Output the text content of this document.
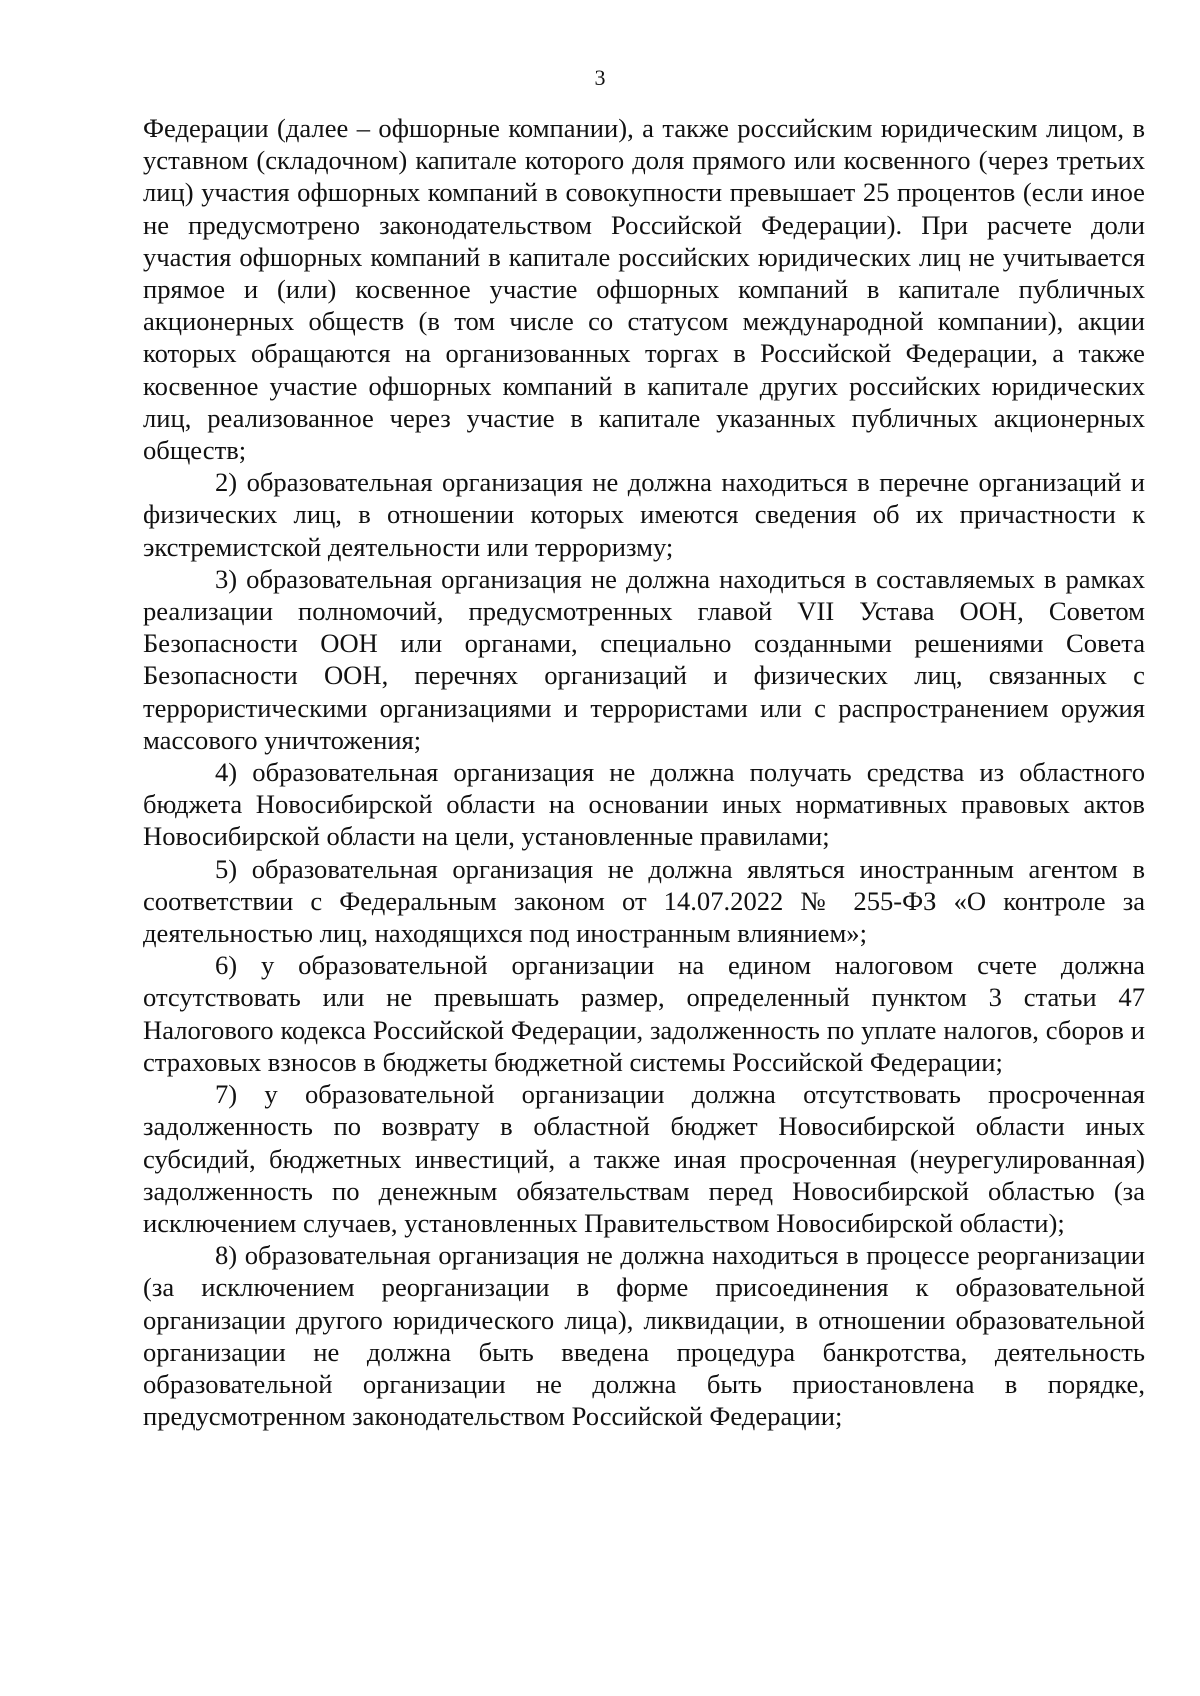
3

Федерации (далее – офшорные компании), а также российским юридическим лицом, в уставном (складочном) капитале которого доля прямого или косвенного (через третьих лиц) участия офшорных компаний в совокупности превышает 25 процентов (если иное не предусмотрено законодательством Российской Федерации). При расчете доли участия офшорных компаний в капитале российских юридических лиц не учитывается прямое и (или) косвенное участие офшорных компаний в капитале публичных акционерных обществ (в том числе со статусом международной компании), акции которых обращаются на организованных торгах в Российской Федерации, а также косвенное участие офшорных компаний в капитале других российских юридических лиц, реализованное через участие в капитале указанных публичных акционерных обществ;

2) образовательная организация не должна находиться в перечне организаций и физических лиц, в отношении которых имеются сведения об их причастности к экстремистской деятельности или терроризму;

3) образовательная организация не должна находиться в составляемых в рамках реализации полномочий, предусмотренных главой VII Устава ООН, Советом Безопасности ООН или органами, специально созданными решениями Совета Безопасности ООН, перечнях организаций и физических лиц, связанных с террористическими организациями и террористами или с распространением оружия массового уничтожения;

4) образовательная организация не должна получать средства из областного бюджета Новосибирской области на основании иных нормативных правовых актов Новосибирской области на цели, установленные правилами;

5) образовательная организация не должна являться иностранным агентом в соответствии с Федеральным законом от 14.07.2022 № 255-ФЗ «О контроле за деятельностью лиц, находящихся под иностранным влиянием»;

6) у образовательной организации на едином налоговом счете должна отсутствовать или не превышать размер, определенный пунктом 3 статьи 47 Налогового кодекса Российской Федерации, задолженность по уплате налогов, сборов и страховых взносов в бюджеты бюджетной системы Российской Федерации;

7) у образовательной организации должна отсутствовать просроченная задолженность по возврату в областной бюджет Новосибирской области иных субсидий, бюджетных инвестиций, а также иная просроченная (неурегулированная) задолженность по денежным обязательствам перед Новосибирской областью (за исключением случаев, установленных Правительством Новосибирской области);

8) образовательная организация не должна находиться в процессе реорганизации (за исключением реорганизации в форме присоединения к образовательной организации другого юридического лица), ликвидации, в отношении образовательной организации не должна быть введена процедура банкротства, деятельность образовательной организации не должна быть приостановлена в порядке, предусмотренном законодательством Российской Федерации;
